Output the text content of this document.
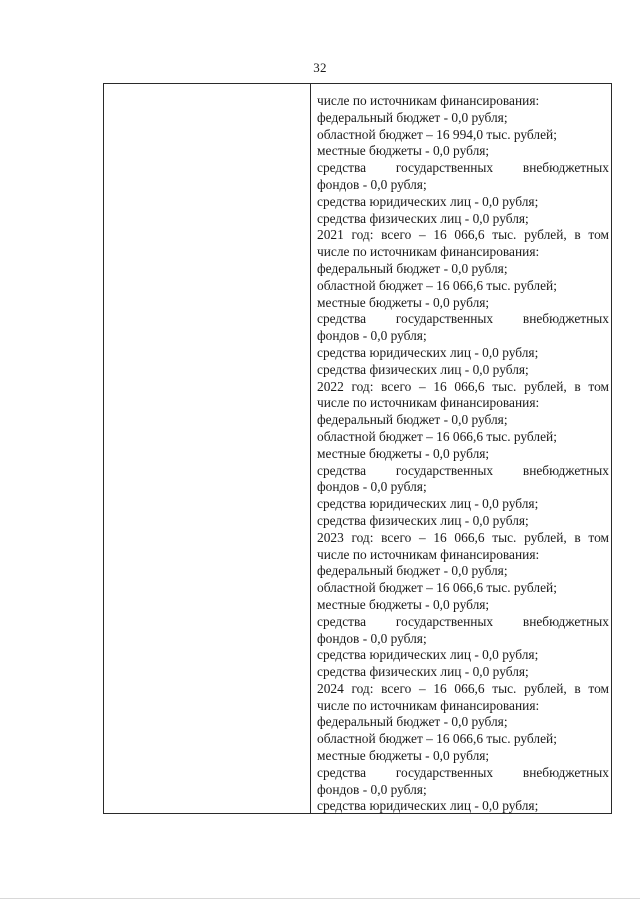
32
числе по источникам финансирования:
федеральный бюджет - 0,0 рубля;
областной бюджет – 16 994,0 тыс. рублей;
местные бюджеты - 0,0 рубля;
средства государственных внебюджетных
фондов - 0,0 рубля;
средства юридических лиц - 0,0 рубля;
средства физических лиц - 0,0 рубля;
2021 год: всего – 16 066,6 тыс. рублей, в том
числе по источникам финансирования:
федеральный бюджет - 0,0 рубля;
областной бюджет – 16 066,6 тыс. рублей;
местные бюджеты - 0,0 рубля;
средства государственных внебюджетных
фондов - 0,0 рубля;
средства юридических лиц - 0,0 рубля;
средства физических лиц - 0,0 рубля;
2022 год: всего – 16 066,6 тыс. рублей, в том
числе по источникам финансирования:
федеральный бюджет - 0,0 рубля;
областной бюджет – 16 066,6 тыс. рублей;
местные бюджеты - 0,0 рубля;
средства государственных внебюджетных
фондов - 0,0 рубля;
средства юридических лиц - 0,0 рубля;
средства физических лиц - 0,0 рубля;
2023 год: всего – 16 066,6 тыс. рублей, в том
числе по источникам финансирования:
федеральный бюджет - 0,0 рубля;
областной бюджет – 16 066,6 тыс. рублей;
местные бюджеты - 0,0 рубля;
средства государственных внебюджетных
фондов - 0,0 рубля;
средства юридических лиц - 0,0 рубля;
средства физических лиц - 0,0 рубля;
2024 год: всего – 16 066,6 тыс. рублей, в том
числе по источникам финансирования:
федеральный бюджет - 0,0 рубля;
областной бюджет – 16 066,6 тыс. рублей;
местные бюджеты - 0,0 рубля;
средства государственных внебюджетных
фондов - 0,0 рубля;
средства юридических лиц - 0,0 рубля;
